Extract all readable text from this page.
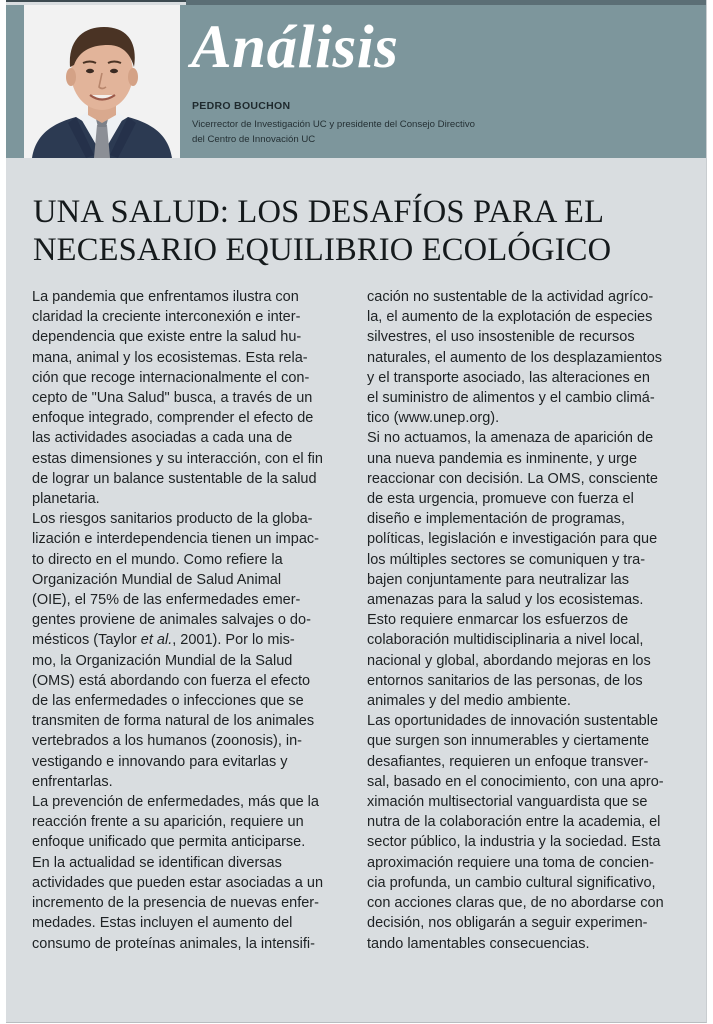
Análisis
PEDRO BOUCHON
Vicerrector de Investigación UC y presidente del Consejo Directivo
del Centro de Innovación UC
UNA SALUD: LOS DESAFÍOS PARA EL
NECESARIO EQUILIBRIO ECOLÓGICO
La pandemia que enfrentamos ilustra con
claridad la creciente interconexión e inter-
dependencia que existe entre la salud hu-
mana, animal y los ecosistemas. Esta rela-
ción que recoge internacionalmente el con-
cepto de "Una Salud" busca, a través de un
enfoque integrado, comprender el efecto de
las actividades asociadas a cada una de
estas dimensiones y su interacción, con el fin
de lograr un balance sustentable de la salud
planetaria.
Los riesgos sanitarios producto de la globa-
lización e interdependencia tienen un impac-
to directo en el mundo. Como refiere la
Organización Mundial de Salud Animal
(OIE), el 75% de las enfermedades emer-
gentes proviene de animales salvajes o do-
mésticos (Taylor et al., 2001). Por lo mis-
mo, la Organización Mundial de la Salud
(OMS) está abordando con fuerza el efecto
de las enfermedades o infecciones que se
transmiten de forma natural de los animales
vertebrados a los humanos (zoonosis), in-
vestigando e innovando para evitarlas y
enfrentarlas.
La prevención de enfermedades, más que la
reacción frente a su aparición, requiere un
enfoque unificado que permita anticiparse.
En la actualidad se identifican diversas
actividades que pueden estar asociadas a un
incremento de la presencia de nuevas enfer-
medades. Estas incluyen el aumento del
consumo de proteínas animales, la intensifi-
cación no sustentable de la actividad agríco-
la, el aumento de la explotación de especies
silvestres, el uso insostenible de recursos
naturales, el aumento de los desplazamientos
y el transporte asociado, las alteraciones en
el suministro de alimentos y el cambio climá-
tico (www.unep.org).
Si no actuamos, la amenaza de aparición de
una nueva pandemia es inminente, y urge
reaccionar con decisión. La OMS, consciente
de esta urgencia, promueve con fuerza el
diseño e implementación de programas,
políticas, legislación e investigación para que
los múltiples sectores se comuniquen y tra-
bajen conjuntamente para neutralizar las
amenazas para la salud y los ecosistemas.
Esto requiere enmarcar los esfuerzos de
colaboración multidisciplinaria a nivel local,
nacional y global, abordando mejoras en los
entornos sanitarios de las personas, de los
animales y del medio ambiente.
Las oportunidades de innovación sustentable
que surgen son innumerables y ciertamente
desafiantes, requieren un enfoque transver-
sal, basado en el conocimiento, con una apro-
ximación multisectorial vanguardista que se
nutra de la colaboración entre la academia, el
sector público, la industria y la sociedad. Esta
aproximación requiere una toma de concien-
cia profunda, un cambio cultural significativo,
con acciones claras que, de no abordarse con
decisión, nos obligarán a seguir experimen-
tando lamentables consecuencias.
